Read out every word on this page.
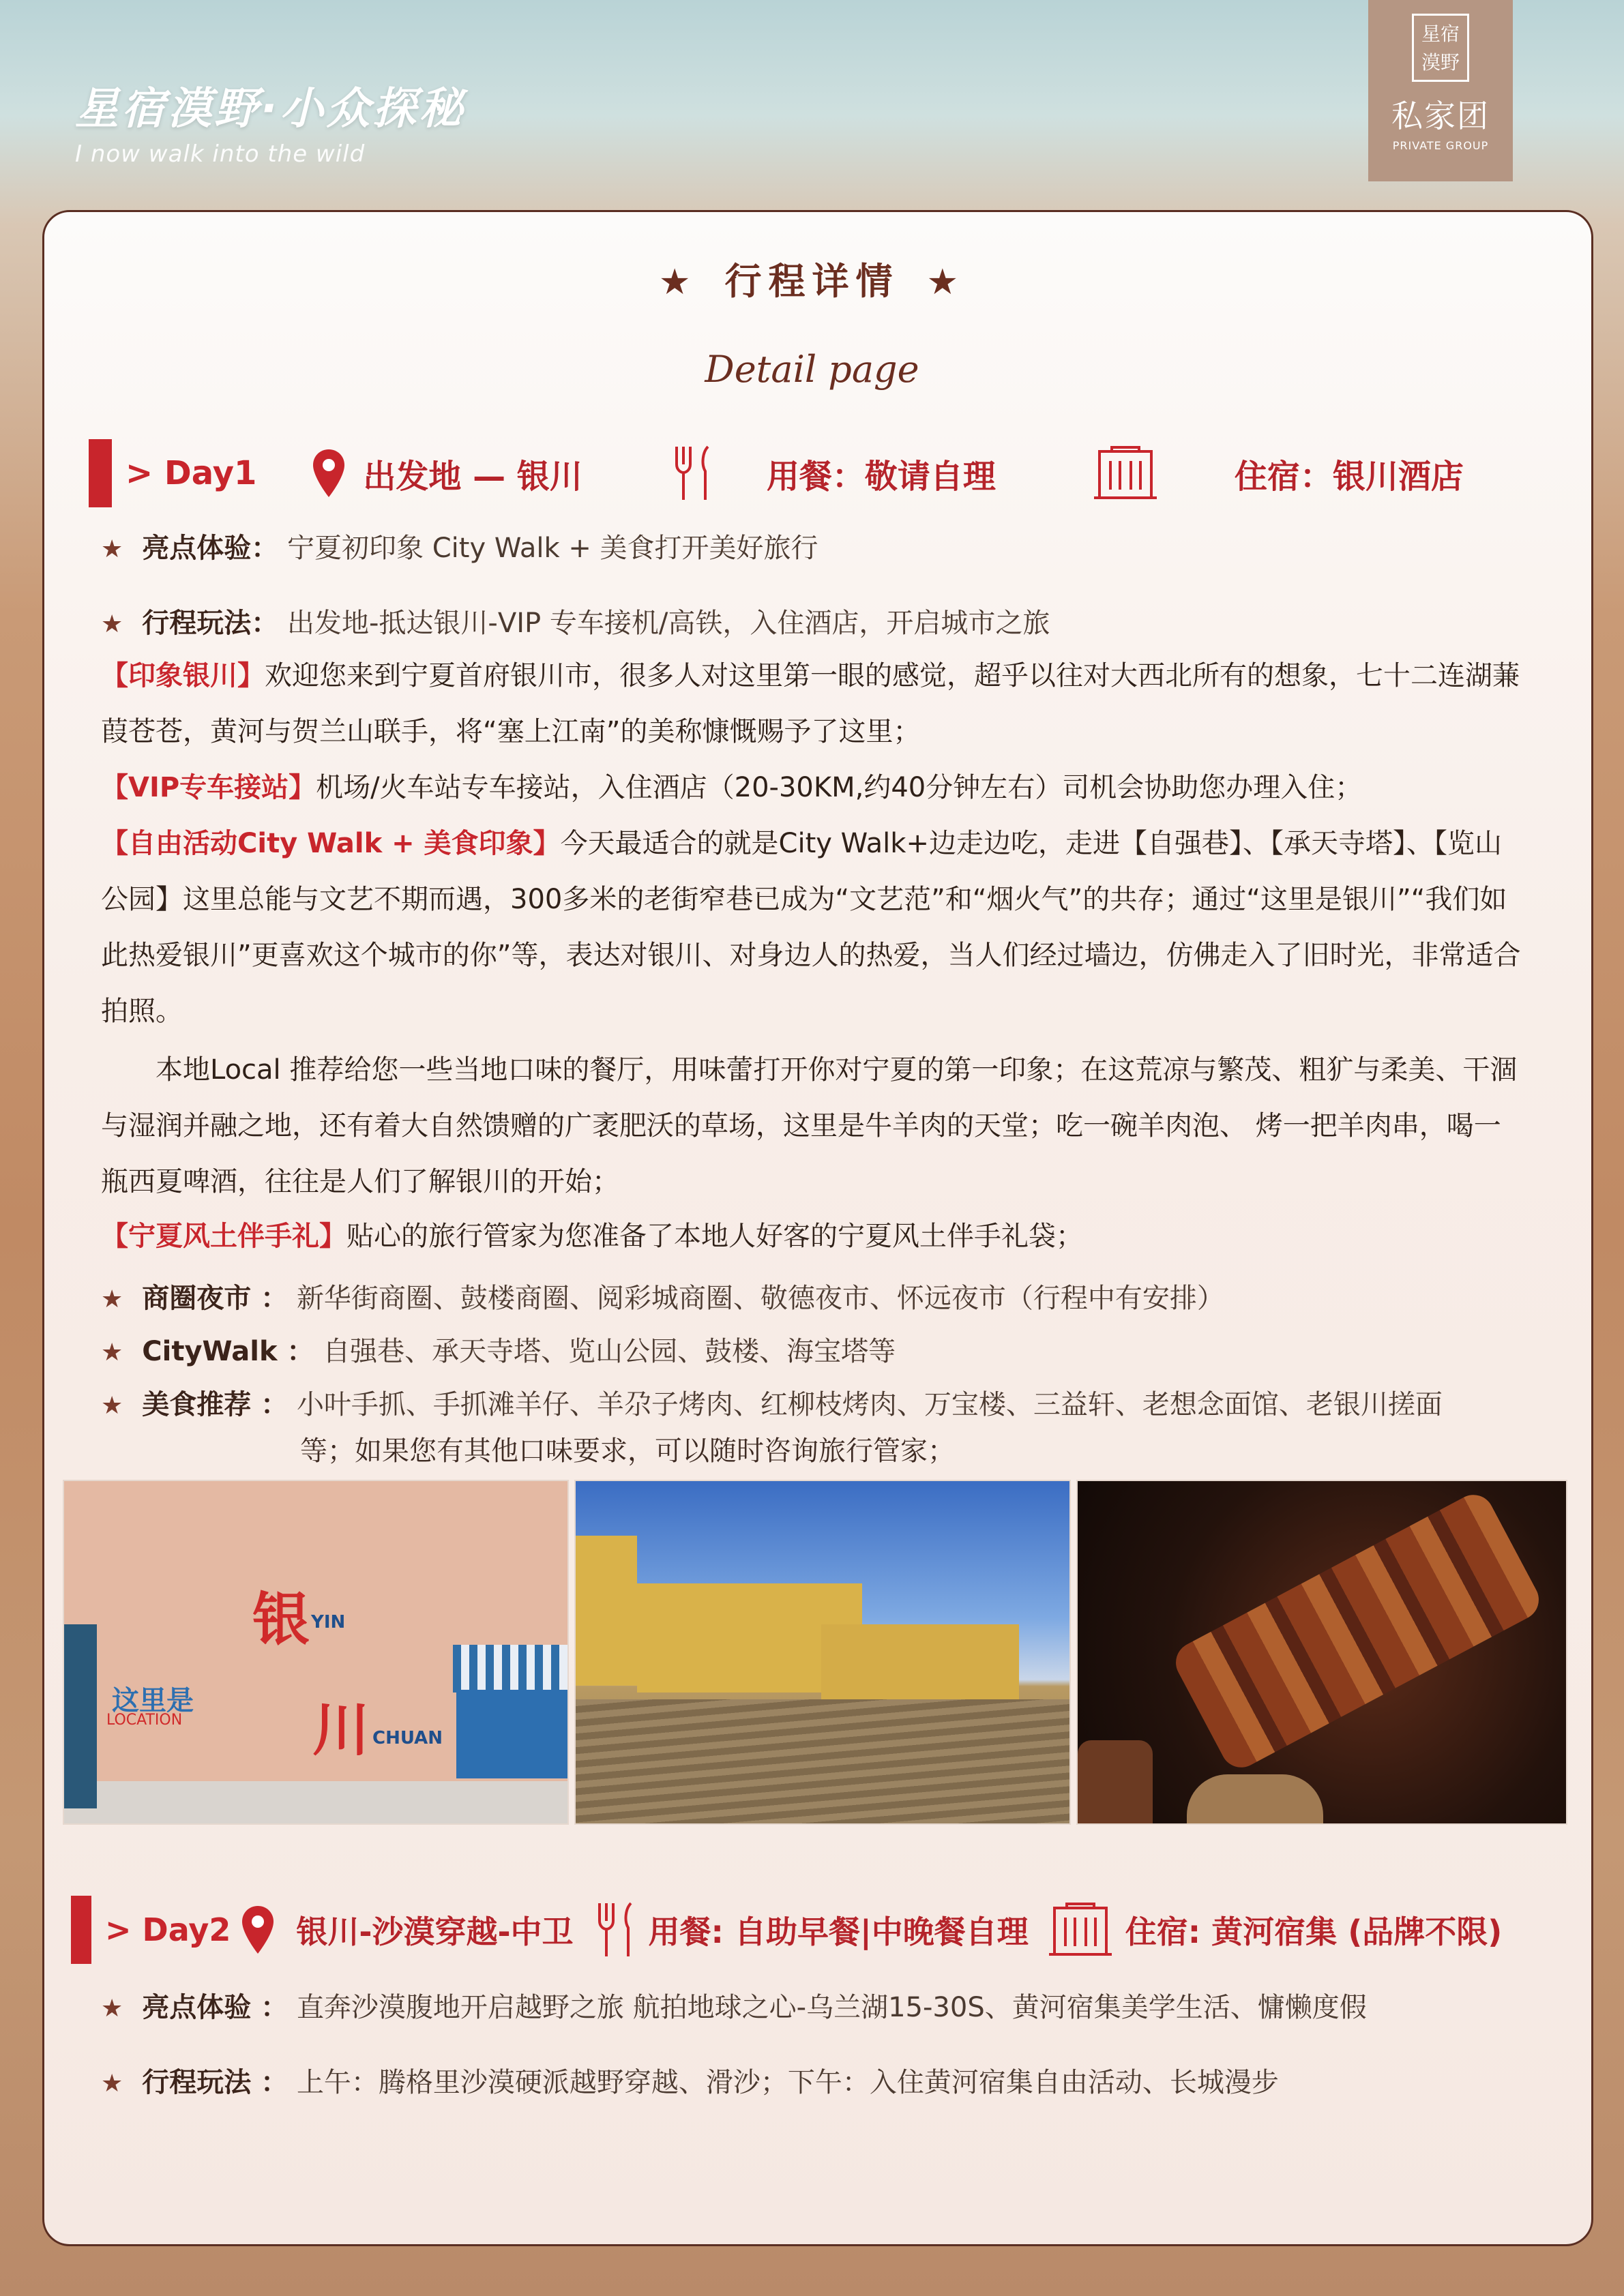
星宿漠野·小众探秘
I now walk into the wild
星宿漠野
私家团
PRIVATE GROUP
★ 行程详情 ★
Detail page
> Day1	出发地 — 银川	用餐：敬请自理	住宿：银川酒店
★ 亮点体验： 宁夏初印象 City Walk + 美食打开美好旅行
★ 行程玩法： 出发地-抵达银川-VIP 专车接机/高铁，入住酒店，开启城市之旅
【印象银川】欢迎您来到宁夏首府银川市，很多人对这里第一眼的感觉，超乎以往对大西北所有的想象，七十二连湖蒹葭苍苍，黄河与贺兰山联手，将“塞上江南”的美称慷慨赐予了这里；
【VIP专车接站】机场/火车站专车接站，入住酒店（20-30KM,约40分钟左右）司机会协助您办理入住；
【自由活动City Walk + 美食印象】今天最适合的就是City Walk+边走边吃，走进【自强巷】、【承天寺塔】、【览山公园】这里总能与文艺不期而遇，300多米的老街窄巷已成为“文艺范”和“烟火气”的共存；通过“这里是银川”“我们如此热爱银川”更喜欢这个城市的你”等，表达对银川、对身边人的热爱，当人们经过墙边，仿佛走入了旧时光，非常适合拍照。
本地Local 推荐给您一些当地口味的餐厅，用味蕾打开你对宁夏的第一印象；在这荒凉与繁茂、粗犷与柔美、干涸与湿润并融之地，还有着大自然馈赠的广袤肥沃的草场，这里是牛羊肉的天堂；吃一碗羊肉泡、 烤一把羊肉串，喝一瓶西夏啤酒，往往是人们了解银川的开始；
【宁夏风土伴手礼】贴心的旅行管家为您准备了本地人好客的宁夏风土伴手礼袋；
★ 商圈夜市 ： 新华街商圈、鼓楼商圈、阅彩城商圈、敬德夜市、怀远夜市（行程中有安排）
★ CityWalk ： 自强巷、承天寺塔、览山公园、鼓楼、海宝塔等
★ 美食推荐 ： 小叶手抓、手抓滩羊仔、羊尕子烤肉、红柳枝烤肉、万宝楼、三益轩、老想念面馆、老银川搓面
等；如果您有其他口味要求，可以随时咨询旅行管家；
银 YIN
这里是
LOCATION 川 CHUAN
> Day2 银川-沙漠穿越-中卫 用餐: 自助早餐|中晚餐自理	住宿: 黄河宿集 (品牌不限)
★ 亮点体验 ： 直奔沙漠腹地开启越野之旅 航拍地球之心-乌兰湖15-30S、黄河宿集美学生活、慵懒度假
★ 行程玩法 ： 上午：腾格里沙漠硬派越野穿越、滑沙；下午：入住黄河宿集自由活动、长城漫步
